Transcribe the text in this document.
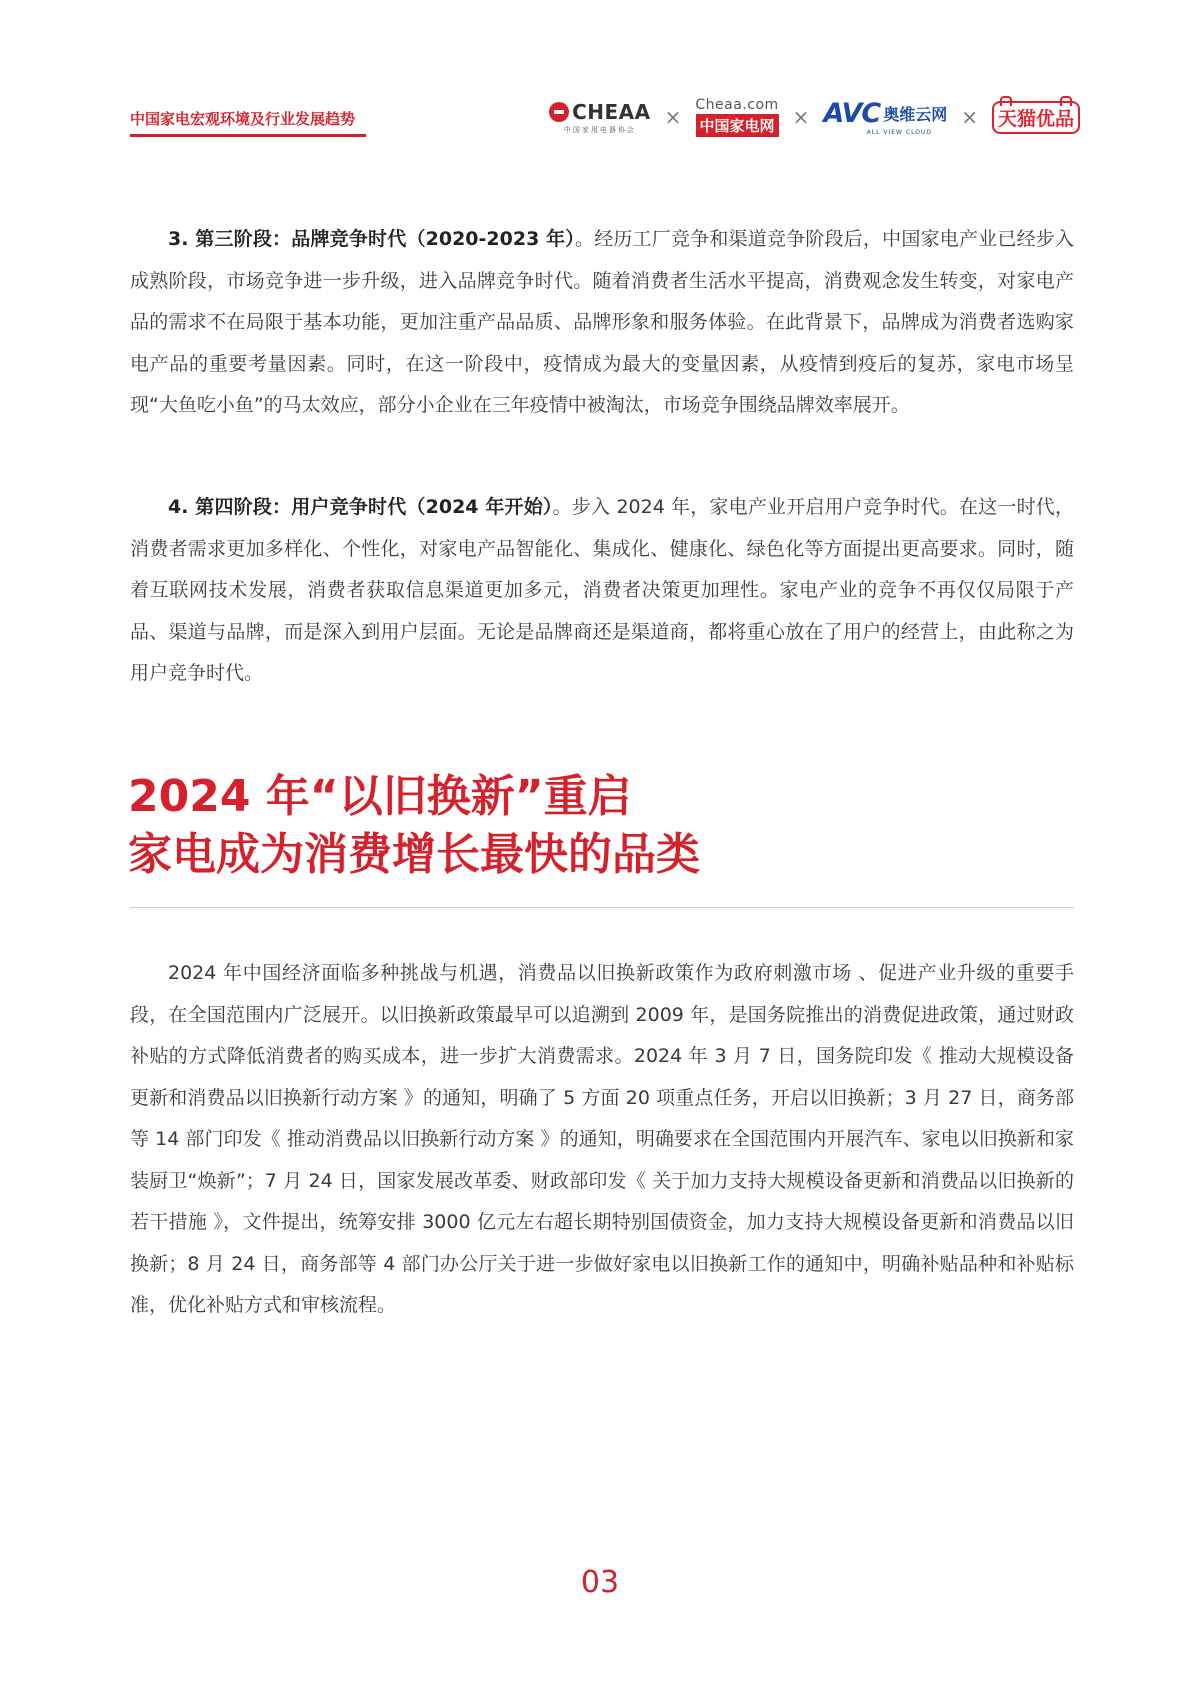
中国家电宏观环境及行业发展趋势	CHEAA
中国家用电器协会
× Cheaa.com
中国家电网 × AVC 奥维云网
ALL VIEW CLOUD
×	天猫优品

3. 第三阶段：品牌竞争时代（2020-2023 年）。经历工厂竞争和渠道竞争阶段后，中国家电产业已经步入成熟阶段，市场竞争进一步升级，进入品牌竞争时代。随着消费者生活水平提高，消费观念发生转变，对家电产品的需求不在局限于基本功能，更加注重产品品质、品牌形象和服务体验。在此背景下，品牌成为消费者选购家电产品的重要考量因素。同时，在这一阶段中，疫情成为最大的变量因素，从疫情到疫后的复苏，家电市场呈现“大鱼吃小鱼”的马太效应，部分小企业在三年疫情中被淘汰，市场竞争围绕品牌效率展开。

4. 第四阶段：用户竞争时代（2024 年开始）。步入 2024 年，家电产业开启用户竞争时代。在这一时代，消费者需求更加多样化、个性化，对家电产品智能化、集成化、健康化、绿色化等方面提出更高要求。同时，随着互联网技术发展，消费者获取信息渠道更加多元，消费者决策更加理性。家电产业的竞争不再仅仅局限于产品、渠道与品牌，而是深入到用户层面。无论是品牌商还是渠道商，都将重心放在了用户的经营上，由此称之为用户竞争时代。

2024 年“以旧换新”重启
家电成为消费增长最快的品类

2024 年中国经济面临多种挑战与机遇，消费品以旧换新政策作为政府刺激市场 、促进产业升级的重要手段，在全国范围内广泛展开。以旧换新政策最早可以追溯到 2009 年，是国务院推出的消费促进政策，通过财政补贴的方式降低消费者的购买成本，进一步扩大消费需求。2024 年 3 月 7 日，国务院印发《 推动大规模设备更新和消费品以旧换新行动方案 》的通知，明确了 5 方面 20 项重点任务，开启以旧换新；3 月 27 日，商务部等 14 部门印发《 推动消费品以旧换新行动方案 》的通知，明确要求在全国范围内开展汽车、家电以旧换新和家装厨卫“焕新”；7 月 24 日，国家发展改革委、财政部印发《 关于加力支持大规模设备更新和消费品以旧换新的若干措施 》，文件提出，统筹安排 3000 亿元左右超长期特别国债资金，加力支持大规模设备更新和消费品以旧换新；8 月 24 日，商务部等 4 部门办公厅关于进一步做好家电以旧换新工作的通知中，明确补贴品种和补贴标准，优化补贴方式和审核流程。

03
